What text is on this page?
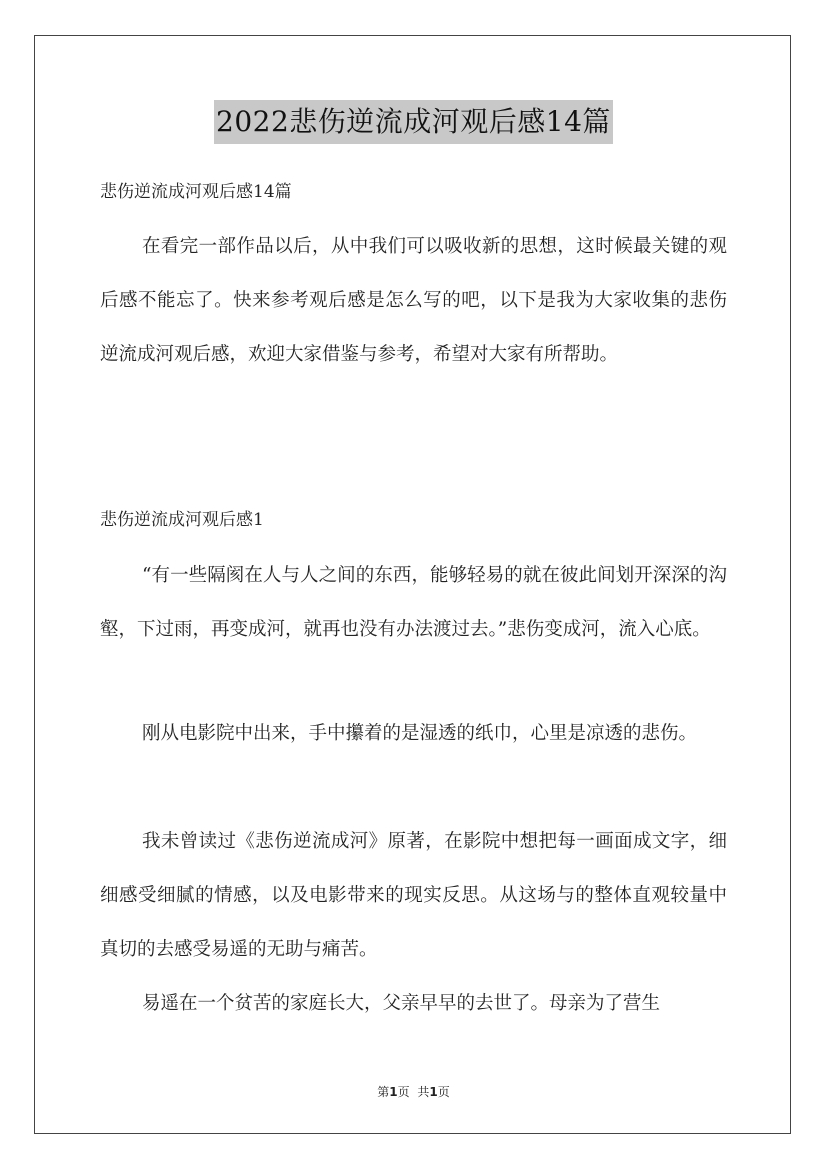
2022悲伤逆流成河观后感14篇

悲伤逆流成河观后感14篇

在看完一部作品以后，从中我们可以吸收新的思想，这时候最关键的观后感不能忘了。快来参考观后感是怎么写的吧，以下是我为大家收集的悲伤逆流成河观后感，欢迎大家借鉴与参考，希望对大家有所帮助。

悲伤逆流成河观后感1

“有一些隔阂在人与人之间的东西，能够轻易的就在彼此间划开深深的沟壑，下过雨，再变成河，就再也没有办法渡过去。”悲伤变成河，流入心底。

刚从电影院中出来，手中攥着的是湿透的纸巾，心里是凉透的悲伤。

我未曾读过《悲伤逆流成河》原著，在影院中想把每一画面成文字，细细感受细腻的情感，以及电影带来的现实反思。从这场与的整体直观较量中真切的去感受易遥的无助与痛苦。

易遥在一个贫苦的家庭长大，父亲早早的去世了。母亲为了营生

第1页 共1页
